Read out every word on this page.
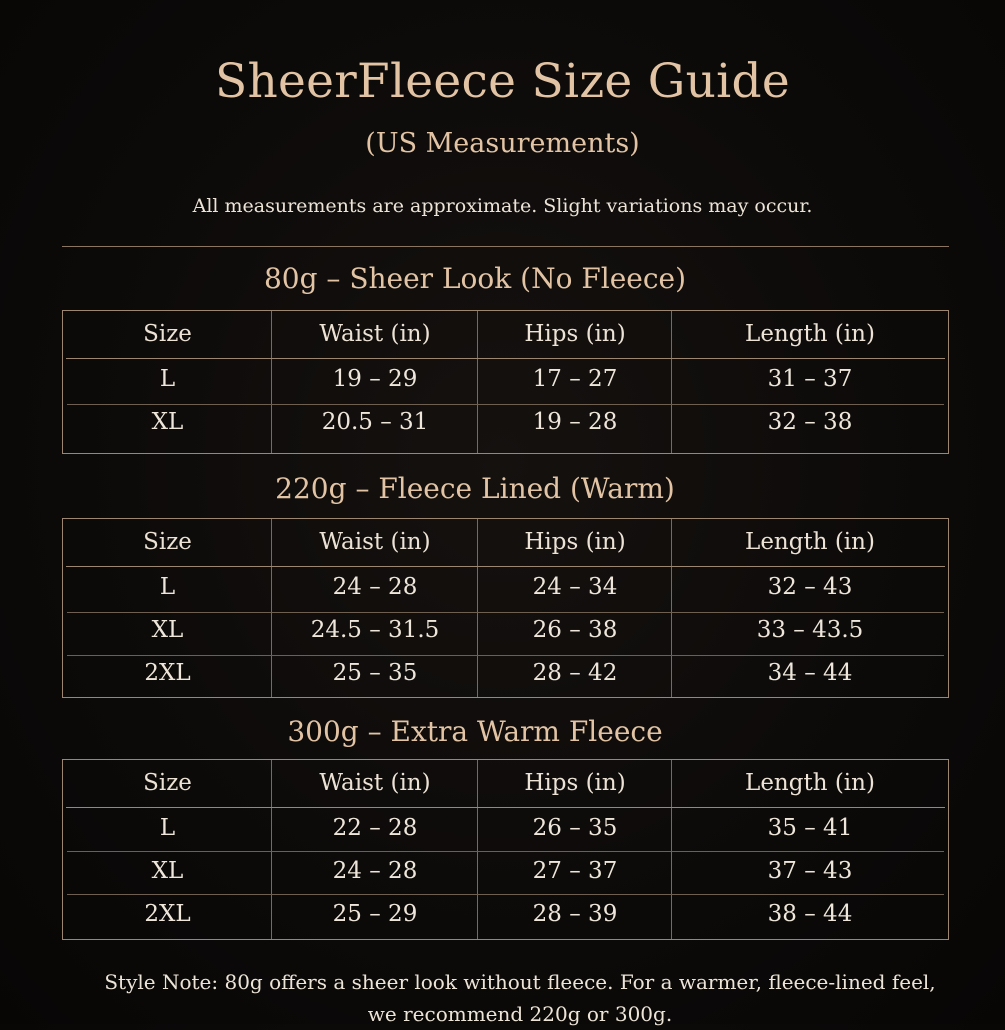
SheerFleece Size Guide
(US Measurements)
All measurements are approximate. Slight variations may occur.
80g – Sheer Look (No Fleece)
Size	Waist (in)	Hips (in)	Length (in)
L	19 – 29	17 – 27	31 – 37
XL	20.5 – 31	19 – 28	32 – 38
220g – Fleece Lined (Warm)
Size	Waist (in)	Hips (in)	Length (in)
L	24 – 28	24 – 34	32 – 43
XL	24.5 – 31.5	26 – 38	33 – 43.5
2XL	25 – 35	28 – 42	34 – 44
300g – Extra Warm Fleece
Size	Waist (in)	Hips (in)	Length (in)
L	22 – 28	26 – 35	35 – 41
XL	24 – 28	27 – 37	37 – 43
2XL	25 – 29	28 – 39	38 – 44
Style Note: 80g offers a sheer look without fleece. For a warmer, fleece-lined feel,
we recommend 220g or 300g.
